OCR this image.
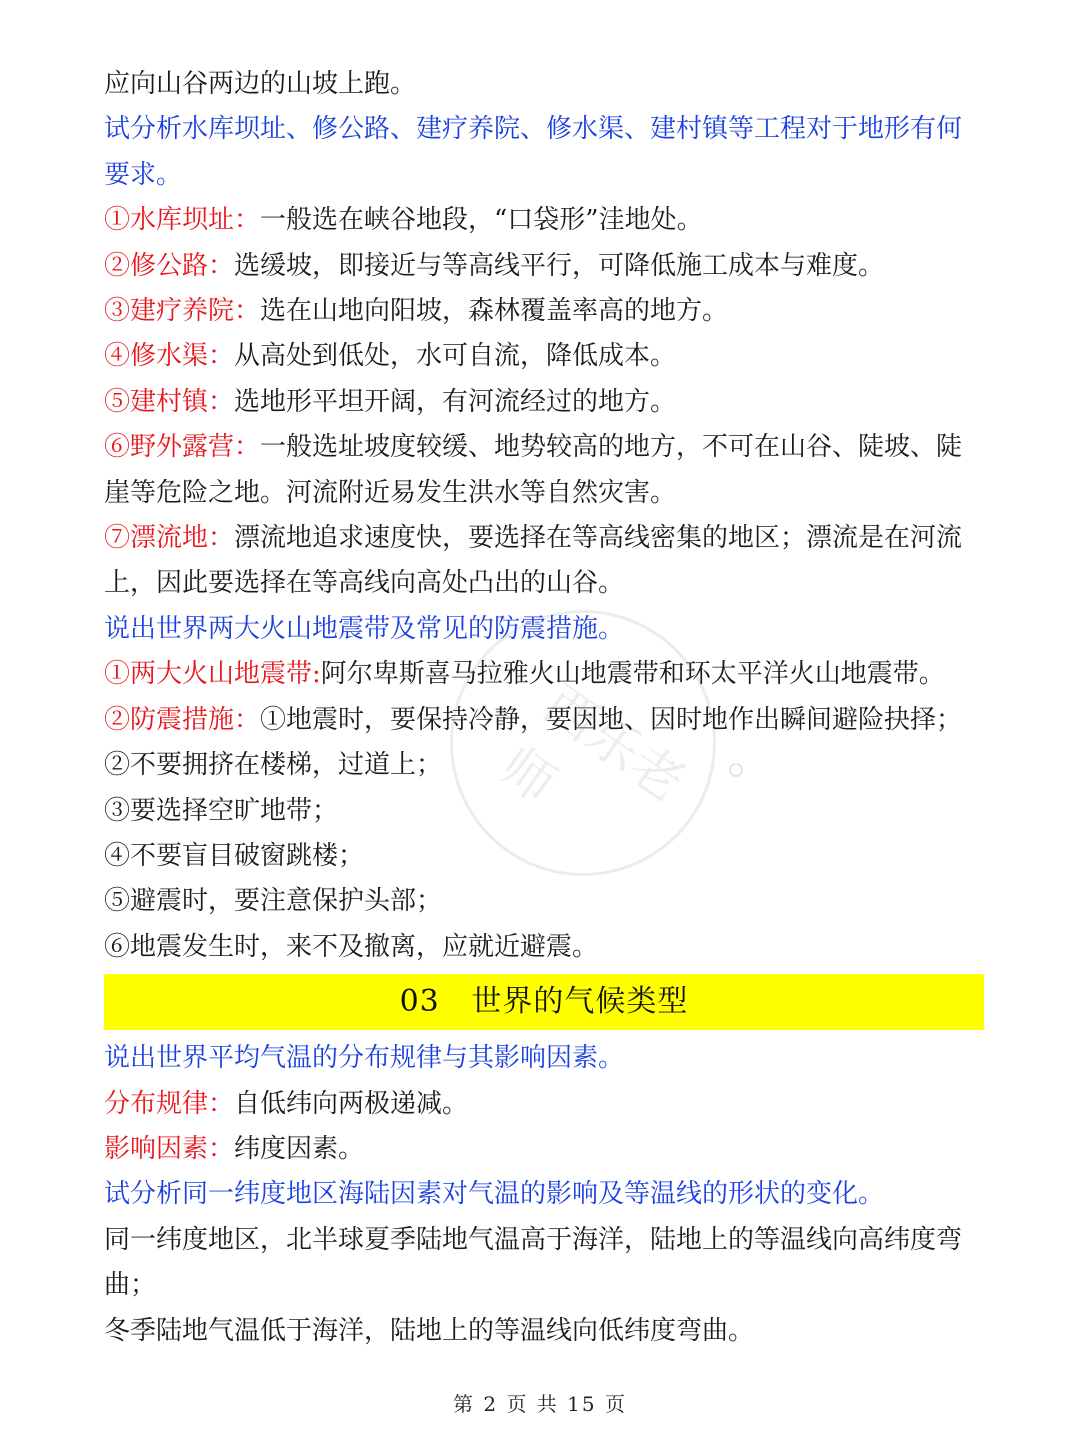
西乐老师
应向山谷两边的山坡上跑。
试分析水库坝址、修公路、建疗养院、修水渠、建村镇等工程对于地形有何要求。
①水库坝址：一般选在峡谷地段，“口袋形”洼地处。
②修公路：选缓坡，即接近与等高线平行，可降低施工成本与难度。
③建疗养院：选在山地向阳坡，森林覆盖率高的地方。
④修水渠：从高处到低处，水可自流，降低成本。
⑤建村镇：选地形平坦开阔，有河流经过的地方。
⑥野外露营：一般选址坡度较缓、地势较高的地方，不可在山谷、陡坡、陡崖等危险之地。河流附近易发生洪水等自然灾害。
⑦漂流地：漂流地追求速度快，要选择在等高线密集的地区；漂流是在河流上，因此要选择在等高线向高处凸出的山谷。
说出世界两大火山地震带及常见的防震措施。
①两大火山地震带:阿尔卑斯喜马拉雅火山地震带和环太平洋火山地震带。
②防震措施：①地震时，要保持冷静，要因地、因时地作出瞬间避险抉择；
②不要拥挤在楼梯，过道上；
③要选择空旷地带；
④不要盲目破窗跳楼；
⑤避震时，要注意保护头部；
⑥地震发生时，来不及撤离，应就近避震。
03 世界的气候类型
说出世界平均气温的分布规律与其影响因素。
分布规律：自低纬向两极递减。
影响因素：纬度因素。
试分析同一纬度地区海陆因素对气温的影响及等温线的形状的变化。
同一纬度地区，北半球夏季陆地气温高于海洋，陆地上的等温线向高纬度弯曲；
冬季陆地气温低于海洋，陆地上的等温线向低纬度弯曲。
第 2 页 共 15 页
